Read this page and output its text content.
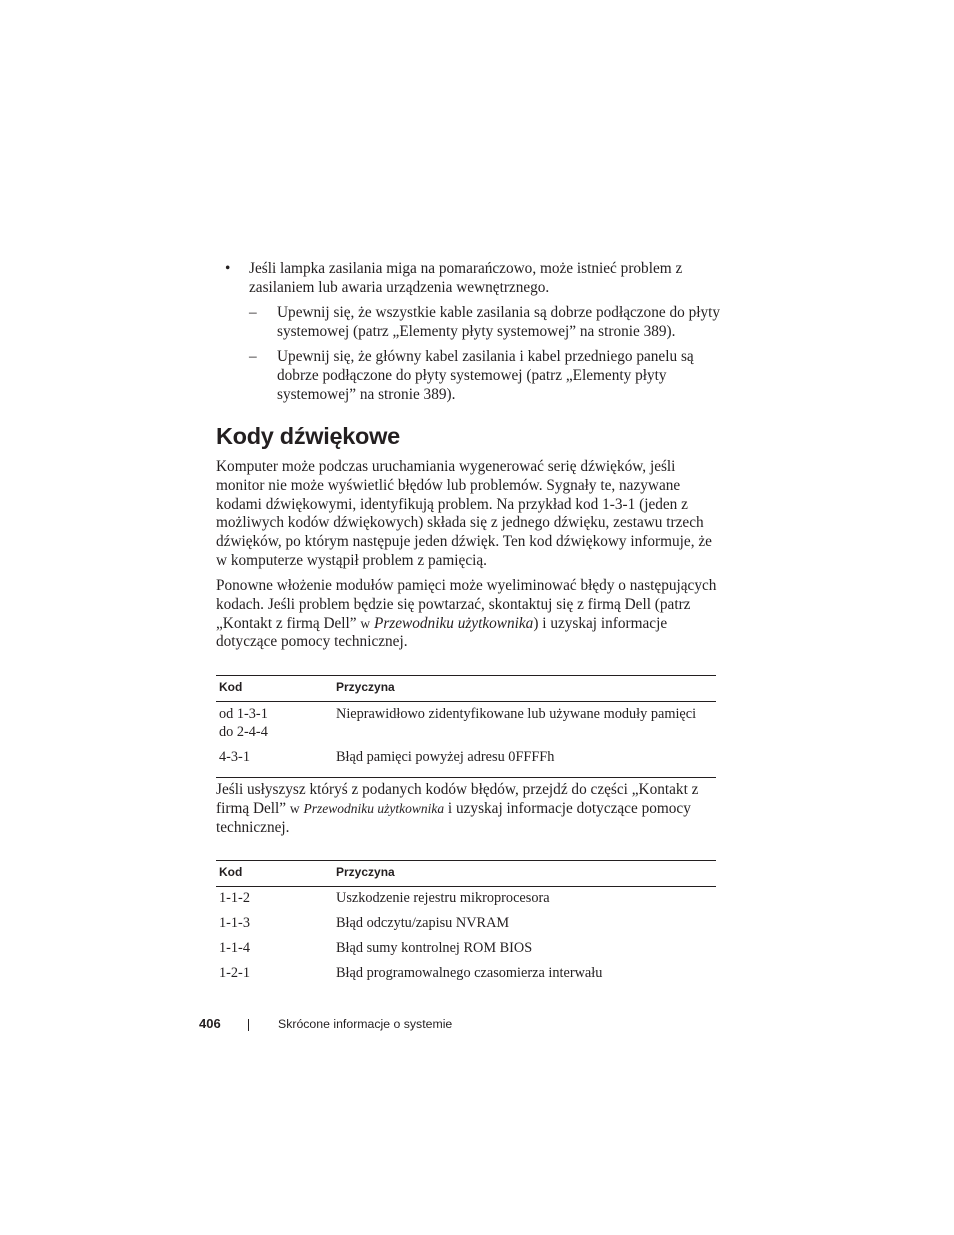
• Jeśli lampka zasilania miga na pomarańczowo, może istnieć problem z zasilaniem lub awaria urządzenia wewnętrznego.
– Upewnij się, że wszystkie kable zasilania są dobrze podłączone do płyty systemowej (patrz „Elementy płyty systemowej” na stronie 389).
– Upewnij się, że główny kabel zasilania i kabel przedniego panelu są dobrze podłączone do płyty systemowej (patrz „Elementy płyty systemowej” na stronie 389).
Kody dźwiękowe

Komputer może podczas uruchamiania wygenerować serię dźwięków, jeśli monitor nie może wyświetlić błędów lub problemów. Sygnały te, nazywane kodami dźwiękowymi, identyfikują problem. Na przykład kod 1-3-1 (jeden z możliwych kodów dźwiękowych) składa się z jednego dźwięku, zestawu trzech dźwięków, po którym następuje jeden dźwięk. Ten kod dźwiękowy informuje, że w komputerze wystąpił problem z pamięcią.

Ponowne włożenie modułów pamięci może wyeliminować błędy o następujących kodach. Jeśli problem będzie się powtarzać, skontaktuj się z firmą Dell (patrz „Kontakt z firmą Dell” w Przewodniku użytkownika) i uzyskaj informacje dotyczące pomocy technicznej.

Kod	Przyczyna
od 1-3-1
do 2-4-4	Nieprawidłowo zidentyfikowane lub używane moduły pamięci
4-3-1	Błąd pamięci powyżej adresu 0FFFFh

Jeśli usłyszysz któryś z podanych kodów błędów, przejdź do części „Kontakt z firmą Dell” w Przewodniku użytkownika i uzyskaj informacje dotyczące pomocy technicznej.

Kod	Przyczyna
1-1-2	Uszkodzenie rejestru mikroprocesora
1-1-3	Błąd odczytu/zapisu NVRAM
1-1-4	Błąd sumy kontrolnej ROM BIOS
1-2-1	Błąd programowalnego czasomierza interwału
406	Skrócone informacje o systemie
